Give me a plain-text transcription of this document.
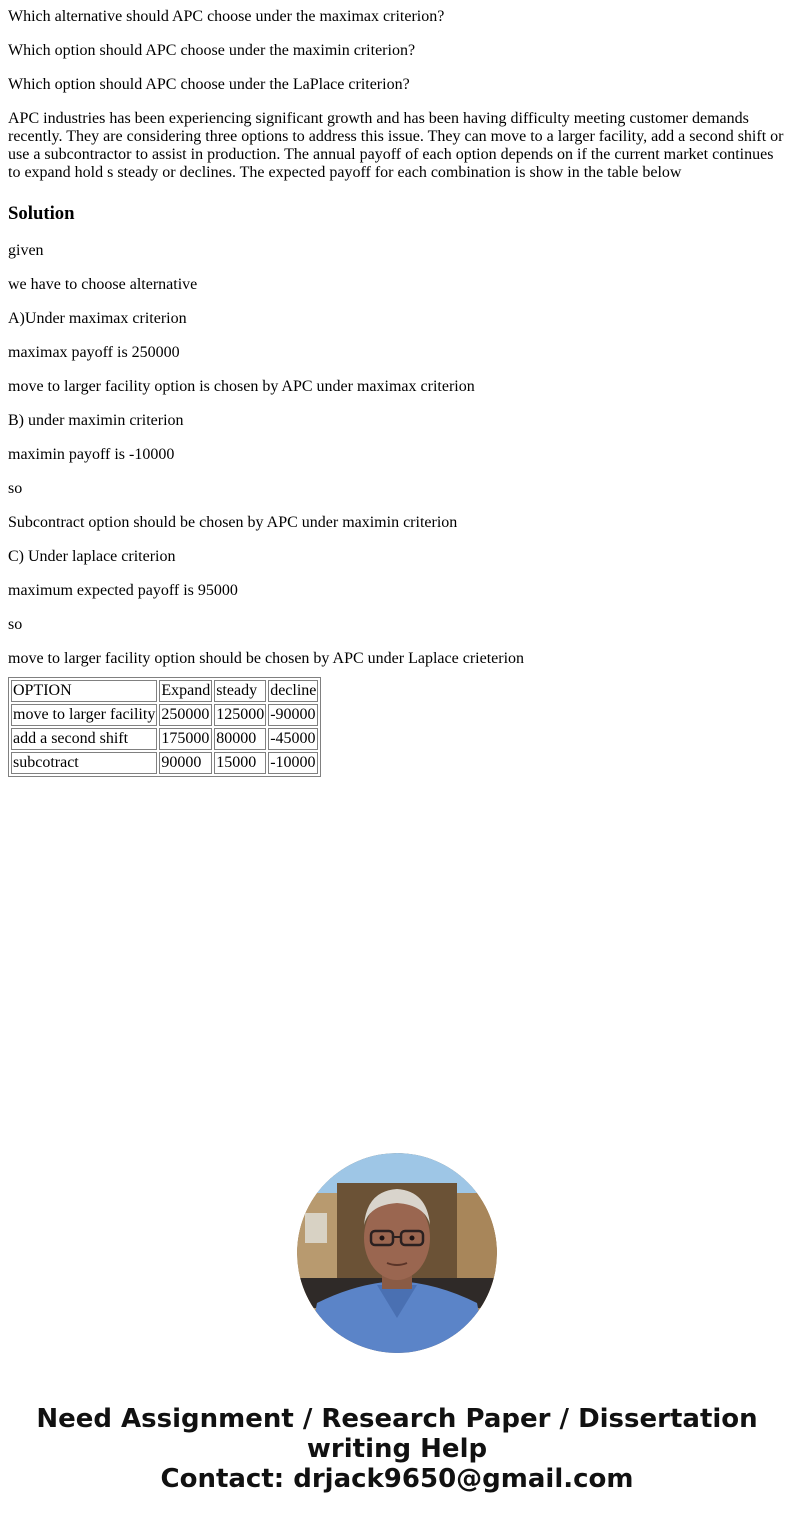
Which alternative should APC choose under the maximax criterion?

Which option should APC choose under the maximin criterion?

Which option should APC choose under the LaPlace criterion?

APC industries has been experiencing significant growth and has been having difficulty meeting customer demands recently. They are considering three options to address this issue. They can move to a larger facility, add a second shift or use a subcontractor to assist in production. The annual payoff of each option depends on if the current market continues to expand hold s steady or declines. The expected payoff for each combination is show in the table below

Solution

given

we have to choose alternative

A)Under maximax criterion

maximax payoff is 250000

move to larger facility option is chosen by APC under maximax criterion

B) under maximin criterion

maximin payoff is -10000

so

Subcontract option should be chosen by APC under maximin criterion

C) Under laplace criterion

maximum expected payoff is 95000

so

move to larger facility option should be chosen by APC under Laplace crieterion

OPTION	Expand	steady	decline
move to larger facility	250000	125000	-90000
add a second shift	175000	80000	-45000
subcotract	90000	15000	-10000
Need Assignment / Research Paper / Dissertation
writing Help
Contact: drjack9650@gmail.com
